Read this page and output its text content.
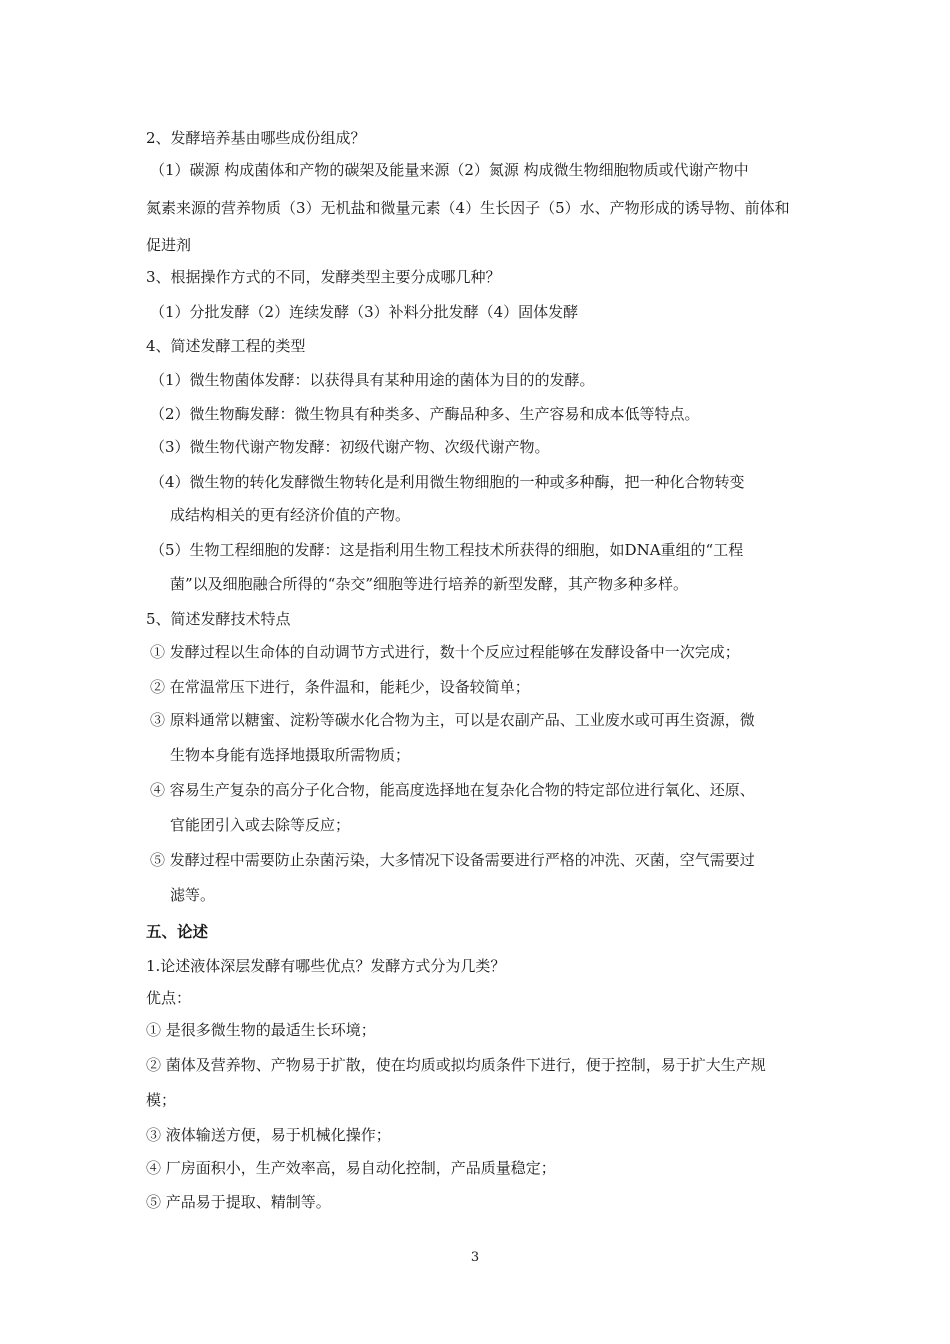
2、发酵培养基由哪些成份组成？
（1）碳源 构成菌体和产物的碳架及能量来源（2）氮源 构成微生物细胞物质或代谢产物中
氮素来源的营养物质（3）无机盐和微量元素（4）生长因子（5）水、产物形成的诱导物、前体和
促进剂
3、根据操作方式的不同，发酵类型主要分成哪几种？
（1）分批发酵（2）连续发酵（3）补料分批发酵（4）固体发酵
4、简述发酵工程的类型
（1）微生物菌体发酵：以获得具有某种用途的菌体为目的的发酵。
（2）微生物酶发酵：微生物具有种类多、产酶品种多、生产容易和成本低等特点。
（3）微生物代谢产物发酵：初级代谢产物、次级代谢产物。
（4）微生物的转化发酵微生物转化是利用微生物细胞的一种或多种酶，把一种化合物转变
成结构相关的更有经济价值的产物。
（5）生物工程细胞的发酵：这是指利用生物工程技术所获得的细胞，如DNA重组的“工程
菌”以及细胞融合所得的“杂交”细胞等进行培养的新型发酵，其产物多种多样。
5、简述发酵技术特点
① 发酵过程以生命体的自动调节方式进行，数十个反应过程能够在发酵设备中一次完成；
② 在常温常压下进行，条件温和，能耗少，设备较简单；
③ 原料通常以糖蜜、淀粉等碳水化合物为主，可以是农副产品、工业废水或可再生资源，微
生物本身能有选择地摄取所需物质；
④ 容易生产复杂的高分子化合物，能高度选择地在复杂化合物的特定部位进行氧化、还原、
官能团引入或去除等反应；
⑤ 发酵过程中需要防止杂菌污染，大多情况下设备需要进行严格的冲洗、灭菌，空气需要过
滤等。
五、论述
1.论述液体深层发酵有哪些优点？发酵方式分为几类？
优点：
① 是很多微生物的最适生长环境；
② 菌体及营养物、产物易于扩散，使在均质或拟均质条件下进行，便于控制，易于扩大生产规
模；
③ 液体输送方便，易于机械化操作；
④ 厂房面积小，生产效率高，易自动化控制，产品质量稳定；
⑤ 产品易于提取、精制等。
3
